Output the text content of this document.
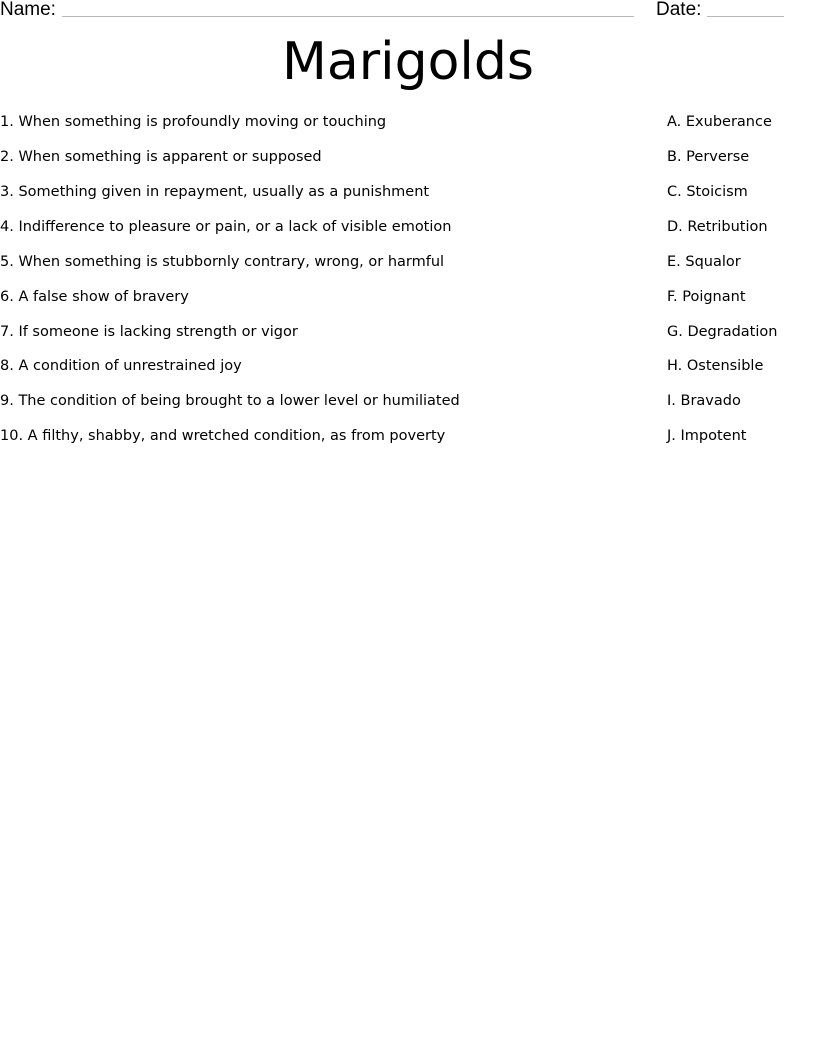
Name:	Date:
Marigolds
1. When something is profoundly moving or touching
2. When something is apparent or supposed
3. Something given in repayment, usually as a punishment
4. Indifference to pleasure or pain, or a lack of visible emotion
5. When something is stubbornly contrary, wrong, or harmful
6. A false show of bravery
7. If someone is lacking strength or vigor
8. A condition of unrestrained joy
9. The condition of being brought to a lower level or humiliated
10. A filthy, shabby, and wretched condition, as from poverty
A. Exuberance
B. Perverse
C. Stoicism
D. Retribution
E. Squalor
F. Poignant
G. Degradation
H. Ostensible
I. Bravado
J. Impotent
